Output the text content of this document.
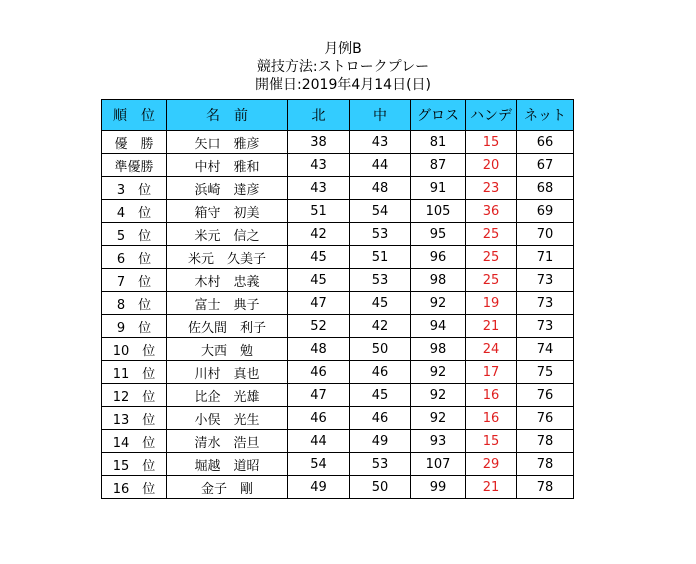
月例B
競技方法:ストロークプレー
開催日:2019年4月14日(日)
順　位	名　前	北	中	グロス	ハンデ	ネット
優　勝	矢口　雅彦	38	43	81	15	66
準優勝	中村　雅和	43	44	87	20	67
3　位	浜崎　達彦	43	48	91	23	68
4　位	箱守　初美	51	54	105	36	69
5　位	米元　信之	42	53	95	25	70
6　位	米元　久美子	45	51	96	25	71
7　位	木村　忠義	45	53	98	25	73
8　位	富士　典子	47	45	92	19	73
9　位	佐久間　利子	52	42	94	21	73
10　位	大西　勉	48	50	98	24	74
11　位	川村　真也	46	46	92	17	75
12　位	比企　光雄	47	45	92	16	76
13　位	小俣　光生	46	46	92	16	76
14　位	清水　浩旦	44	49	93	15	78
15　位	堀越　道昭	54	53	107	29	78
16　位	金子　剛	49	50	99	21	78
